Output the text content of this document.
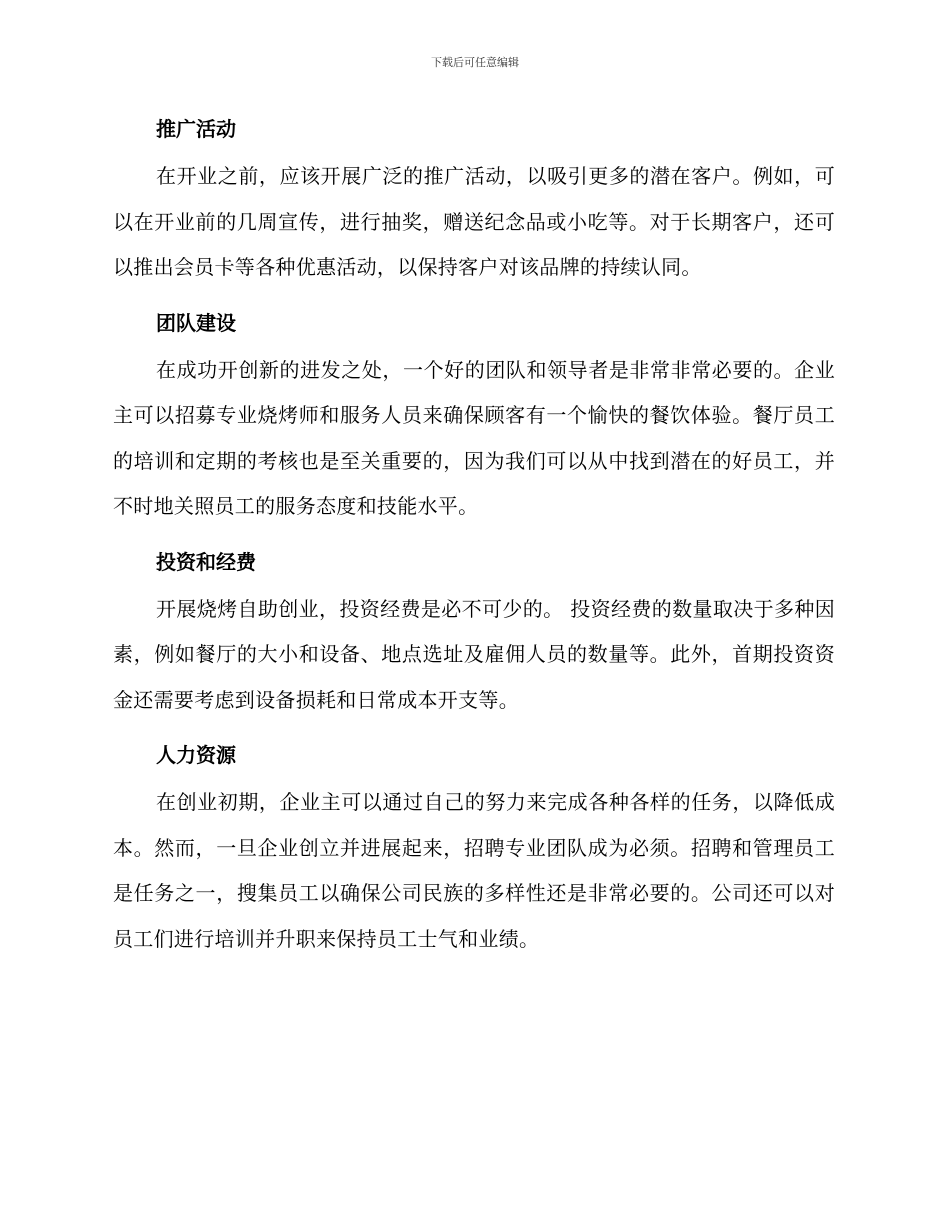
下载后可任意编辑
推广活动

在开业之前，应该开展广泛的推广活动，以吸引更多的潜在客户。例如，可以在开业前的几周宣传，进行抽奖，赠送纪念品或小吃等。对于长期客户，还可以推出会员卡等各种优惠活动，以保持客户对该品牌的持续认同。

团队建设

在成功开创新的进发之处，一个好的团队和领导者是非常非常必要的。企业主可以招募专业烧烤师和服务人员来确保顾客有一个愉快的餐饮体验。餐厅员工的培训和定期的考核也是至关重要的，因为我们可以从中找到潜在的好员工，并不时地关照员工的服务态度和技能水平。

投资和经费

开展烧烤自助创业，投资经费是必不可少的。 投资经费的数量取决于多种因素，例如餐厅的大小和设备、地点选址及雇佣人员的数量等。此外，首期投资资金还需要考虑到设备损耗和日常成本开支等。

人力资源

在创业初期，企业主可以通过自己的努力来完成各种各样的任务，以降低成本。然而，一旦企业创立并进展起来，招聘专业团队成为必须。招聘和管理员工是任务之一，搜集员工以确保公司民族的多样性还是非常必要的。公司还可以对员工们进行培训并升职来保持员工士气和业绩。
